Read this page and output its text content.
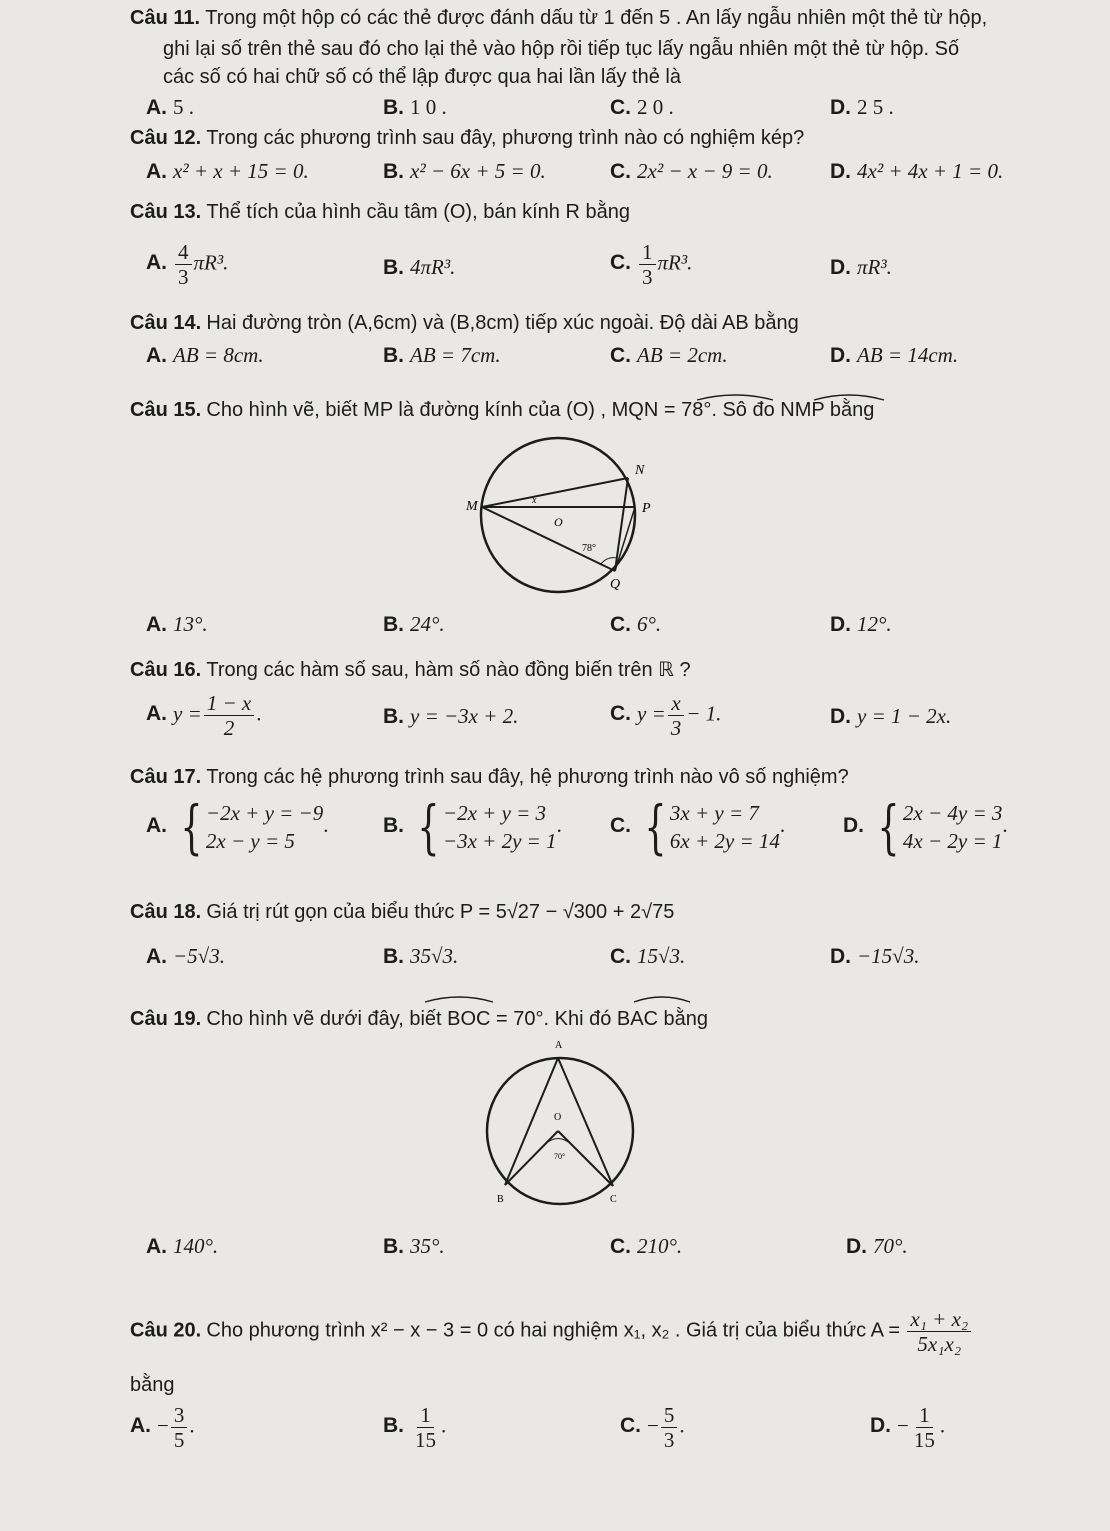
Câu 11. Trong một hộp có các thẻ được đánh dấu từ 1 đến 5 . An lấy ngẫu nhiên một thẻ từ hộp,
ghi lại số trên thẻ sau đó cho lại thẻ vào hộp rồi tiếp tục lấy ngẫu nhiên một thẻ từ hộp. Số
các số có hai chữ số có thể lập được qua hai lần lấy thẻ là
A. 5 .	B. 1 0 .	C. 2 0 .	D. 2 5 .
Câu 12. Trong các phương trình sau đây, phương trình nào có nghiệm kép?
A. x² + x + 15 = 0.	B. x² − 6x + 5 = 0.	C. 2x² − x − 9 = 0.	D. 4x² + 4x + 1 = 0.
Câu 13. Thể tích của hình cầu tâm (O), bán kính R bằng
A. $\frac{4}{3} \pi R^3$.	B. 4πR³.	C. $\frac{1}{3} \pi R^3$.	D. πR³.
Câu 14. Hai đường tròn (A,6cm) và (B,8cm) tiếp xúc ngoài. Độ dài AB bằng
A. AB = 8cm.	B. AB = 7cm.	C. AB = 2cm.	D. AB = 14cm.
Câu 15. Cho hình vẽ, biết MP là đường kính của (O) , MQN = 78°. Sô đo NMP bằng
N
M	P
O
Q
x
78°
A. 13°.	B. 24°.	C. 6°.	D. 12°.
Câu 16. Trong các hàm số sau, hàm số nào đồng biến trên ℝ ?
A. $y = \frac{1 - x}{2}$ .	B. y = −3x + 2.	C. $y = \frac{x}{3} - 1$.	D. y = 1 − 2x.
Câu 17. Trong các hệ phương trình sau đây, hệ phương trình nào vô số nghiệm?
A. { −2x + y = −9
2x − y = 5
.	B. { −2x + y = 3
−3x + 2y = 1
. C. { 3x + y = 7
6x + 2y = 14
.	D. { 2x − 4y = 3
4x − 2y = 1
.
Câu 18. Giá trị rút gọn của biểu thức P = 5√27 − √300 + 2√75
A. −5√3.	B. 35√3.	C. 15√3.	D. −15√3.
Câu 19. Cho hình vẽ dưới đây, biết BOC = 70°. Khi đó BAC bằng
A
O
70°
B	C
A. 140°.	B. 35°.	C. 210°.	D. 70°.
Câu 20. Cho phương trình x² − x − 3 = 0 có hai nghiệm x₁, x₂ . Giá trị của biểu thức $A = \frac{\text{x₁ + x₂}}{\text{5x₁x₂}}$
bằng
A. − $\frac{3}{5}$ .	B. $\frac{1}{15}$ .	C. − $\frac{5}{3}$ .	D. − $\frac{1}{15}$ .
